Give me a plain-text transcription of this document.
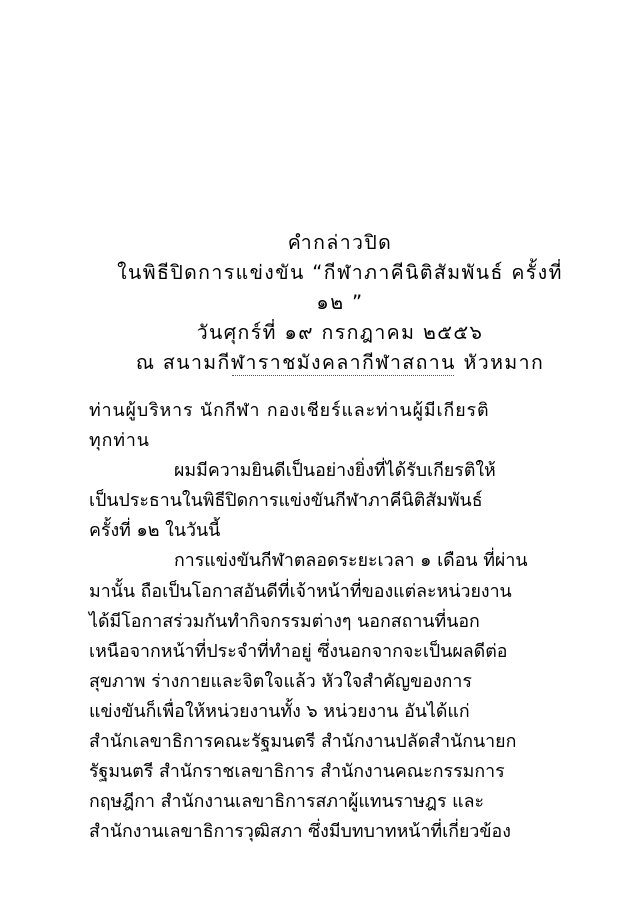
คำกล่าวปิด
ในพิธีปิดการแข่งขัน “กีฬาภาคีนิติสัมพันธ์ ครั้งที่
๑๒ ”
วันศุกร์ที่ ๑๙ กรกฎาคม ๒๕๕๖
ณ สนามกีฬาราชมังคลากีฬาสถาน หัวหมาก
ท่านผู้บริหาร นักกีฬา กองเชียร์และท่านผู้มีเกียรติ
ทุกท่าน
ผมมีความยินดีเป็นอย่างยิ่งที่ได้รับเกียรติให้
เป็นประธานในพิธีปิดการแข่งขันกีฬาภาคีนิติสัมพันธ์
ครั้งที่ ๑๒ ในวันนี้
การแข่งขันกีฬาตลอดระยะเวลา ๑ เดือน ที่ผ่าน
มานั้น ถือเป็นโอกาสอันดีที่เจ้าหน้าที่ของแต่ละหน่วยงาน
ได้มีโอกาสร่วมกันทำกิจกรรมต่างๆ นอกสถานที่นอก
เหนือจากหน้าที่ประจำที่ทำอยู่ ซึ่งนอกจากจะเป็นผลดีต่อ
สุขภาพ ร่างกายและจิตใจแล้ว หัวใจสำคัญของการ
แข่งขันก็เพื่อให้หน่วยงานทั้ง ๖ หน่วยงาน อันได้แก่
สำนักเลขาธิการคณะรัฐมนตรี สำนักงานปลัดสำนักนายก
รัฐมนตรี สำนักราชเลขาธิการ สำนักงานคณะกรรมการ
กฤษฎีกา สำนักงานเลขาธิการสภาผู้แทนราษฎร และ
สำนักงานเลขาธิการวุฒิสภา ซึ่งมีบทบาทหน้าที่เกี่ยวข้อง
